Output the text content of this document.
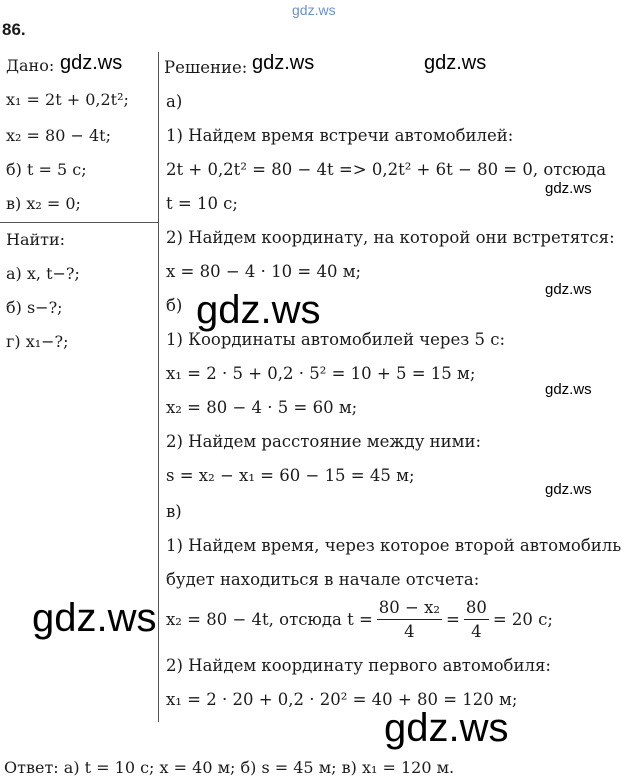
gdz.ws
86.
Дано:
x₁ = 2t + 0,2t²;
x₂ = 80 − 4t;
б) t = 5 с;
в) x₂ = 0;
Найти:
а) x, t−?;
б) s−?;
г) x₁−?;
Решение:
а)
1) Найдем время встречи автомобилей:
2t + 0,2t² = 80 − 4t => 0,2t² + 6t − 80 = 0, отсюда
t = 10 с;
2) Найдем координату, на которой они встретятся:
x = 80 − 4 · 10 = 40 м;
б)
1) Координаты автомобилей через 5 с:
x₁ = 2 · 5 + 0,2 · 5² = 10 + 5 = 15 м;
x₂ = 80 − 4 · 5 = 60 м;
2) Найдем расстояние между ними:
s = x₂ − x₁ = 60 − 15 = 45 м;
в)
1) Найдем время, через которое второй автомобиль
будет находиться в начале отсчета:
x₂ = 80 − 4t, отсюда $t = \frac{\text{80 − x₂}}{4} = \frac{80}{4} = 20$ с;
2) Найдем координату первого автомобиля:
x₁ = 2 · 20 + 0,2 · 20² = 40 + 80 = 120 м;
Ответ: а) t = 10 с; x = 40 м; б) s = 45 м; в) x₁ = 120 м.
gdz.ws	gdz.ws	gdz.ws
gdz.ws
gdz.ws
gdz.ws
gdz.ws
gdz.ws
gdz.ws
gdz.ws
